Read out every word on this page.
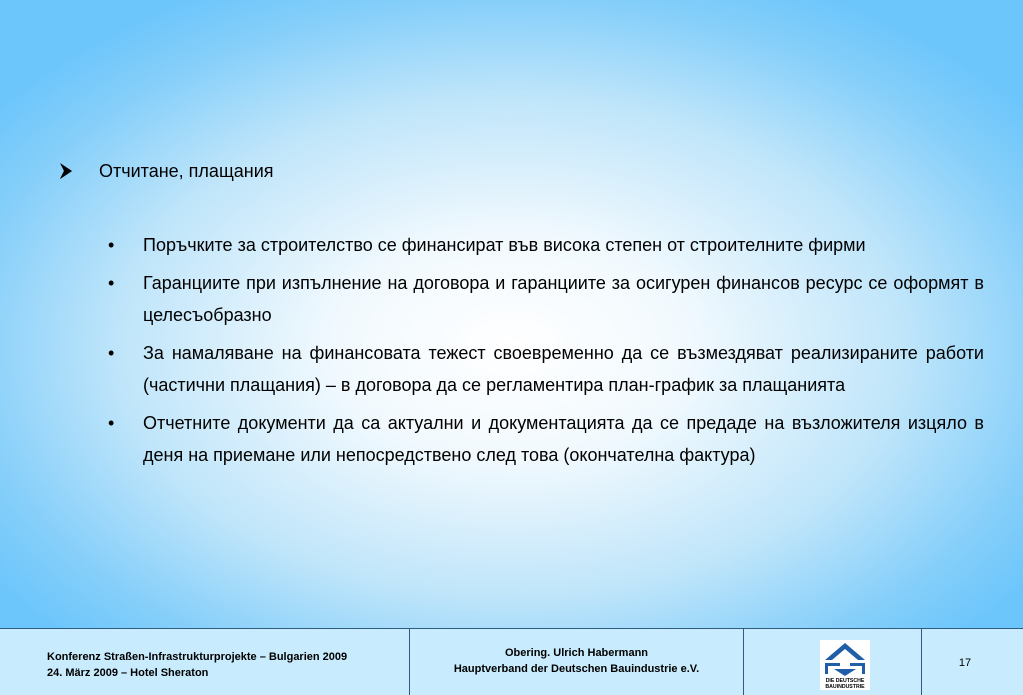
Отчитане, плащания
•	Поръчките за строителство се финансират във висока степен от строителните фирми
•	Гаранциите при изпълнение на договора и гаранциите за осигурен финансов ресурс се оформят в целесъобразно
•	За намаляване на финансовата тежест своевременно да се възмездяват реализираните работи (частични плащания) – в договора да се регламентира план-график за плащанията
•	Отчетните документи да са актуални и документацията да се предаде на възложителя изцяло в деня на приемане или непосредствено след това (окончателна фактура)
Konferenz Straßen-Infrastrukturprojekte – Bulgarien 2009
24. März 2009 – Hotel Sheraton
Obering. Ulrich Habermann
Hauptverband der Deutschen Bauindustrie e.V.
DIE DEUTSCHE
BAUINDUSTRIE
17
